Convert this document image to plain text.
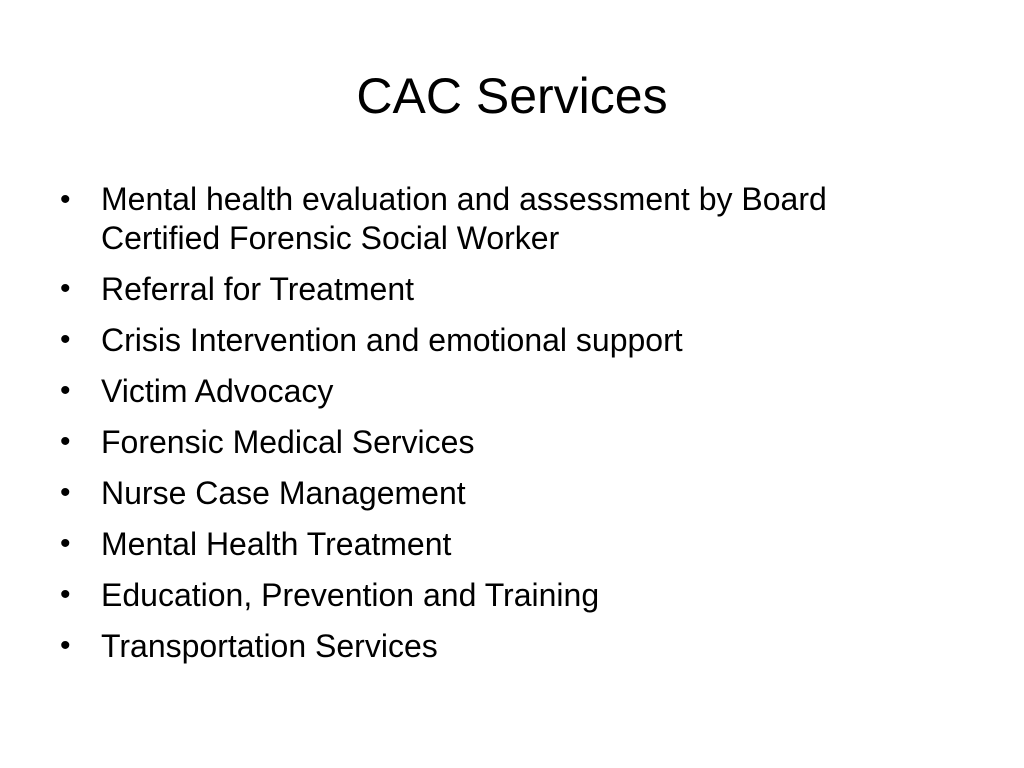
CAC Services
• Mental health evaluation and assessment by Board Certified Forensic Social Worker
• Referral for Treatment
• Crisis Intervention and emotional support
• Victim Advocacy
• Forensic Medical Services
• Nurse Case Management
• Mental Health Treatment
• Education, Prevention and Training
• Transportation Services
